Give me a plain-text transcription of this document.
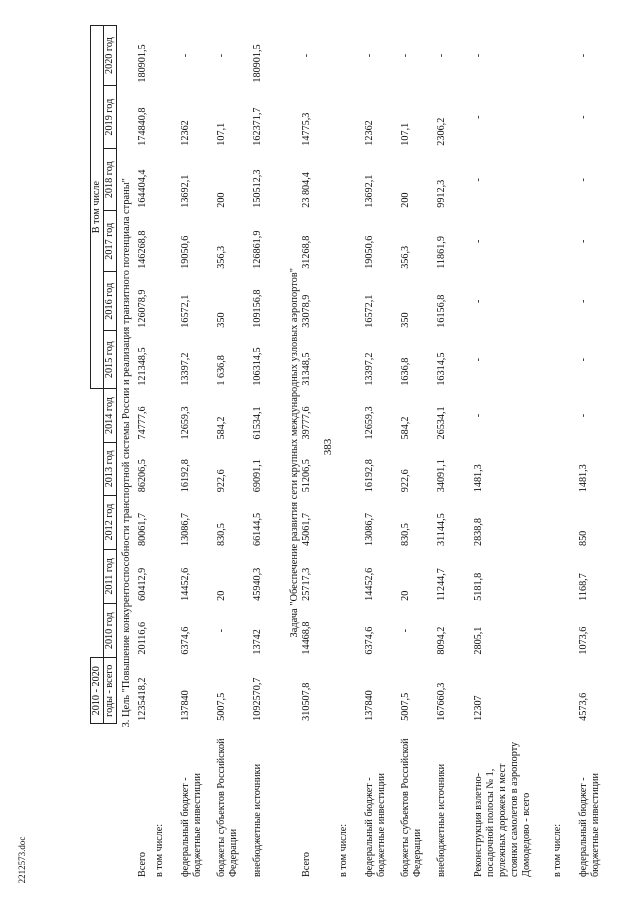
383
2212573.doc
	2010 - 2020						В том числе					
	годы - всего	2010 год	2011 год	2012 год	2013 год	2014 год	2015 год	2016 год	2017 год	2018 год	2019 год	2020 год

3. Цель "Повышение конкурентоспособности транспортной системы России и реализация транзитного потенциала страны"												

Всего	1235418,2	20116,6	60412,9	80061,7	86206,5	74777,6	121348,5	126078,9	146268,8	164404,4	174840,8	180901,5
в том числе:												
федеральный бюджет - бюджетные инвестиции	137840	6374,6	14452,6	13086,7	16192,8	12659,3	13397,2	16572,1	19050,6	13692,1	12362	-
бюджеты субъектов Российской Федерации	5007,5	-	20	830,5	922,6	584,2	1 636,8	350	356,3	200	107,1	-
внебюджетные источники	1092570,7	13742	45940,3	66144,5	69091,1	61534,1	106314,5	109156,8	126861,9	150512,3	162371,7	180901,5
Задача "Обеспечение развития сети крупных международных узловых аэропортов"												
Всего	310507,8	14468,8	25717,3	45061,7	51206,5	39777,6	31348,5	33078,9	31268,8	23 804,4	14775,3	-
в том числе:												
федеральный бюджет - бюджетные инвестиции	137840	6374,6	14452,6	13086,7	16192,8	12659,3	13397,2	16572,1	19050,6	13692,1	12362	-
бюджеты субъектов Российской Федерации	5007,5	-	20	830,5	922,6	584,2	1636,8	350	356,3	200	107,1	-
внебюджетные источники	167660,3	8094,2	11244,7	31144,5	34091,1	26534,1	16314,5	16156,8	11861,9	9912,3	2306,2	-
Реконструкция взлетно-посадочной полосы № 1, рулежных дорожек и мест стоянки самолетов в аэропорту Домодедово - всего	12307	2805,1	5181,8	2838,8	1481,3	-	-	-	-	-	-	-
в том числе:												
федеральный бюджет - бюджетные инвестиции	4573,6	1073,6	1168,7	850	1481,3	-	-	-	-	-	-	-
